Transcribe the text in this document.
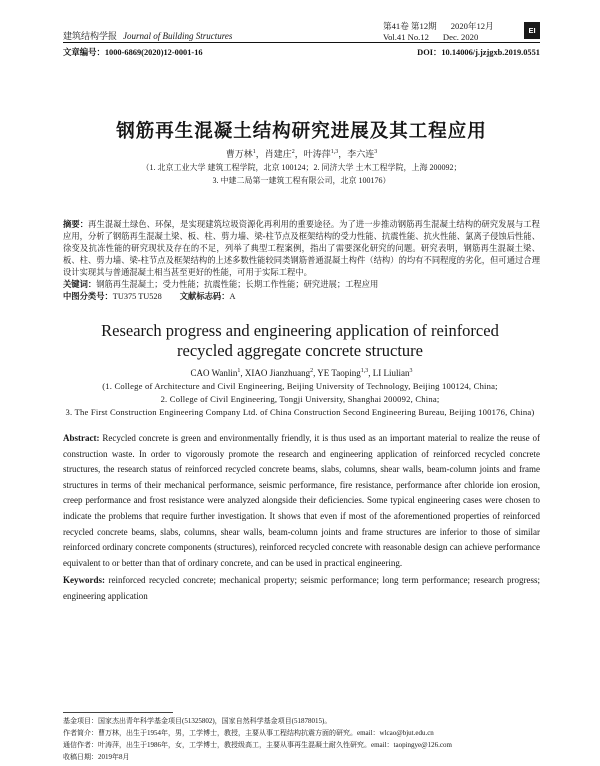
建筑结构学报 Journal of Building Structures
第41卷 第12期 2020年12月
Vol.41 No.12 Dec. 2020
EI
文章编号：1000-6869(2020)12-0001-16	DOI：10.14006/j.jzjgxb.2019.0551
钢筋再生混凝土结构研究进展及其工程应用
曹万林$^1$，肖建庄$^2$，叶涛萍$^{1,3}$，李六连$^3$
（1. 北京工业大学 建筑工程学院，北京 100124；2. 同济大学 土木工程学院，上海 200092；
3. 中建二局第一建筑工程有限公司，北京 100176）

摘要：再生混凝土绿色、环保，是实现建筑垃圾资源化再利用的重要途径。为了进一步推动钢筋再生混凝土结构的研究发展与工程应用，分析了钢筋再生混凝土梁、板、柱、剪力墙、梁-柱节点及框架结构的受力性能、抗震性能、抗火性能、氯离子侵蚀后性能、徐变及抗冻性能的研究现状及存在的不足，列举了典型工程案例，指出了需要深化研究的问题。研究表明，钢筋再生混凝土梁、板、柱、剪力墙、梁-柱节点及框架结构的上述多数性能较同类钢筋普通混凝土构件（结构）的均有不同程度的劣化，但可通过合理设计实现其与普通混凝土相当甚至更好的性能，可用于实际工程中。

关键词：钢筋再生混凝土；受力性能；抗震性能；长期工作性能；研究进展；工程应用

中图分类号：TU375 TU528 文献标志码：A

Research progress and engineering application of reinforced recycled aggregate concrete structure
CAO Wanlin$^1$, XIAO Jianzhuang$^2$, YE Taoping$^{1,3}$, LI Liulian$^3$
(1. College of Architecture and Civil Engineering, Beijing University of Technology, Beijing 100124, China;
2. College of Civil Engineering, Tongji University, Shanghai 200092, China;
3. The First Construction Engineering Company Ltd. of China Construction Second Engineering Bureau, Beijing 100176, China)

Abstract: Recycled concrete is green and environmentally friendly, it is thus used as an important material to realize the reuse of construction waste. In order to vigorously promote the research and engineering application of reinforced recycled concrete structures, the research status of reinforced recycled concrete beams, slabs, columns, shear walls, beam-column joints and frame structures in terms of their mechanical performance, seismic performance, fire resistance, performance after chloride ion erosion, creep performance and frost resistance were analyzed alongside their deficiencies. Some typical engineering cases were chosen to indicate the problems that require further investigation. It shows that even if most of the aforementioned properties of reinforced recycled concrete beams, slabs, columns, shear walls, beam-column joints and frame structures are inferior to those of similar reinforced ordinary concrete components (structures), reinforced recycled concrete with reasonable design can achieve performance equivalent to or better than that of ordinary concrete, and can be used in practical engineering.

Keywords: reinforced recycled concrete; mechanical property; seismic performance; long term performance; research progress; engineering application

基金项目：国家杰出青年科学基金项目(51325802)，国家自然科学基金项目(51878015)。
作者简介：曹万林，出生于1954年，男，工学博士，教授，主要从事工程结构抗震方面的研究。email：wlcao@bjut.edu.cn
通信作者：叶涛萍，出生于1986年，女，工学博士，教授级高工，主要从事再生混凝土耐久性研究。email：taopingye@126.com
收稿日期：2019年8月
